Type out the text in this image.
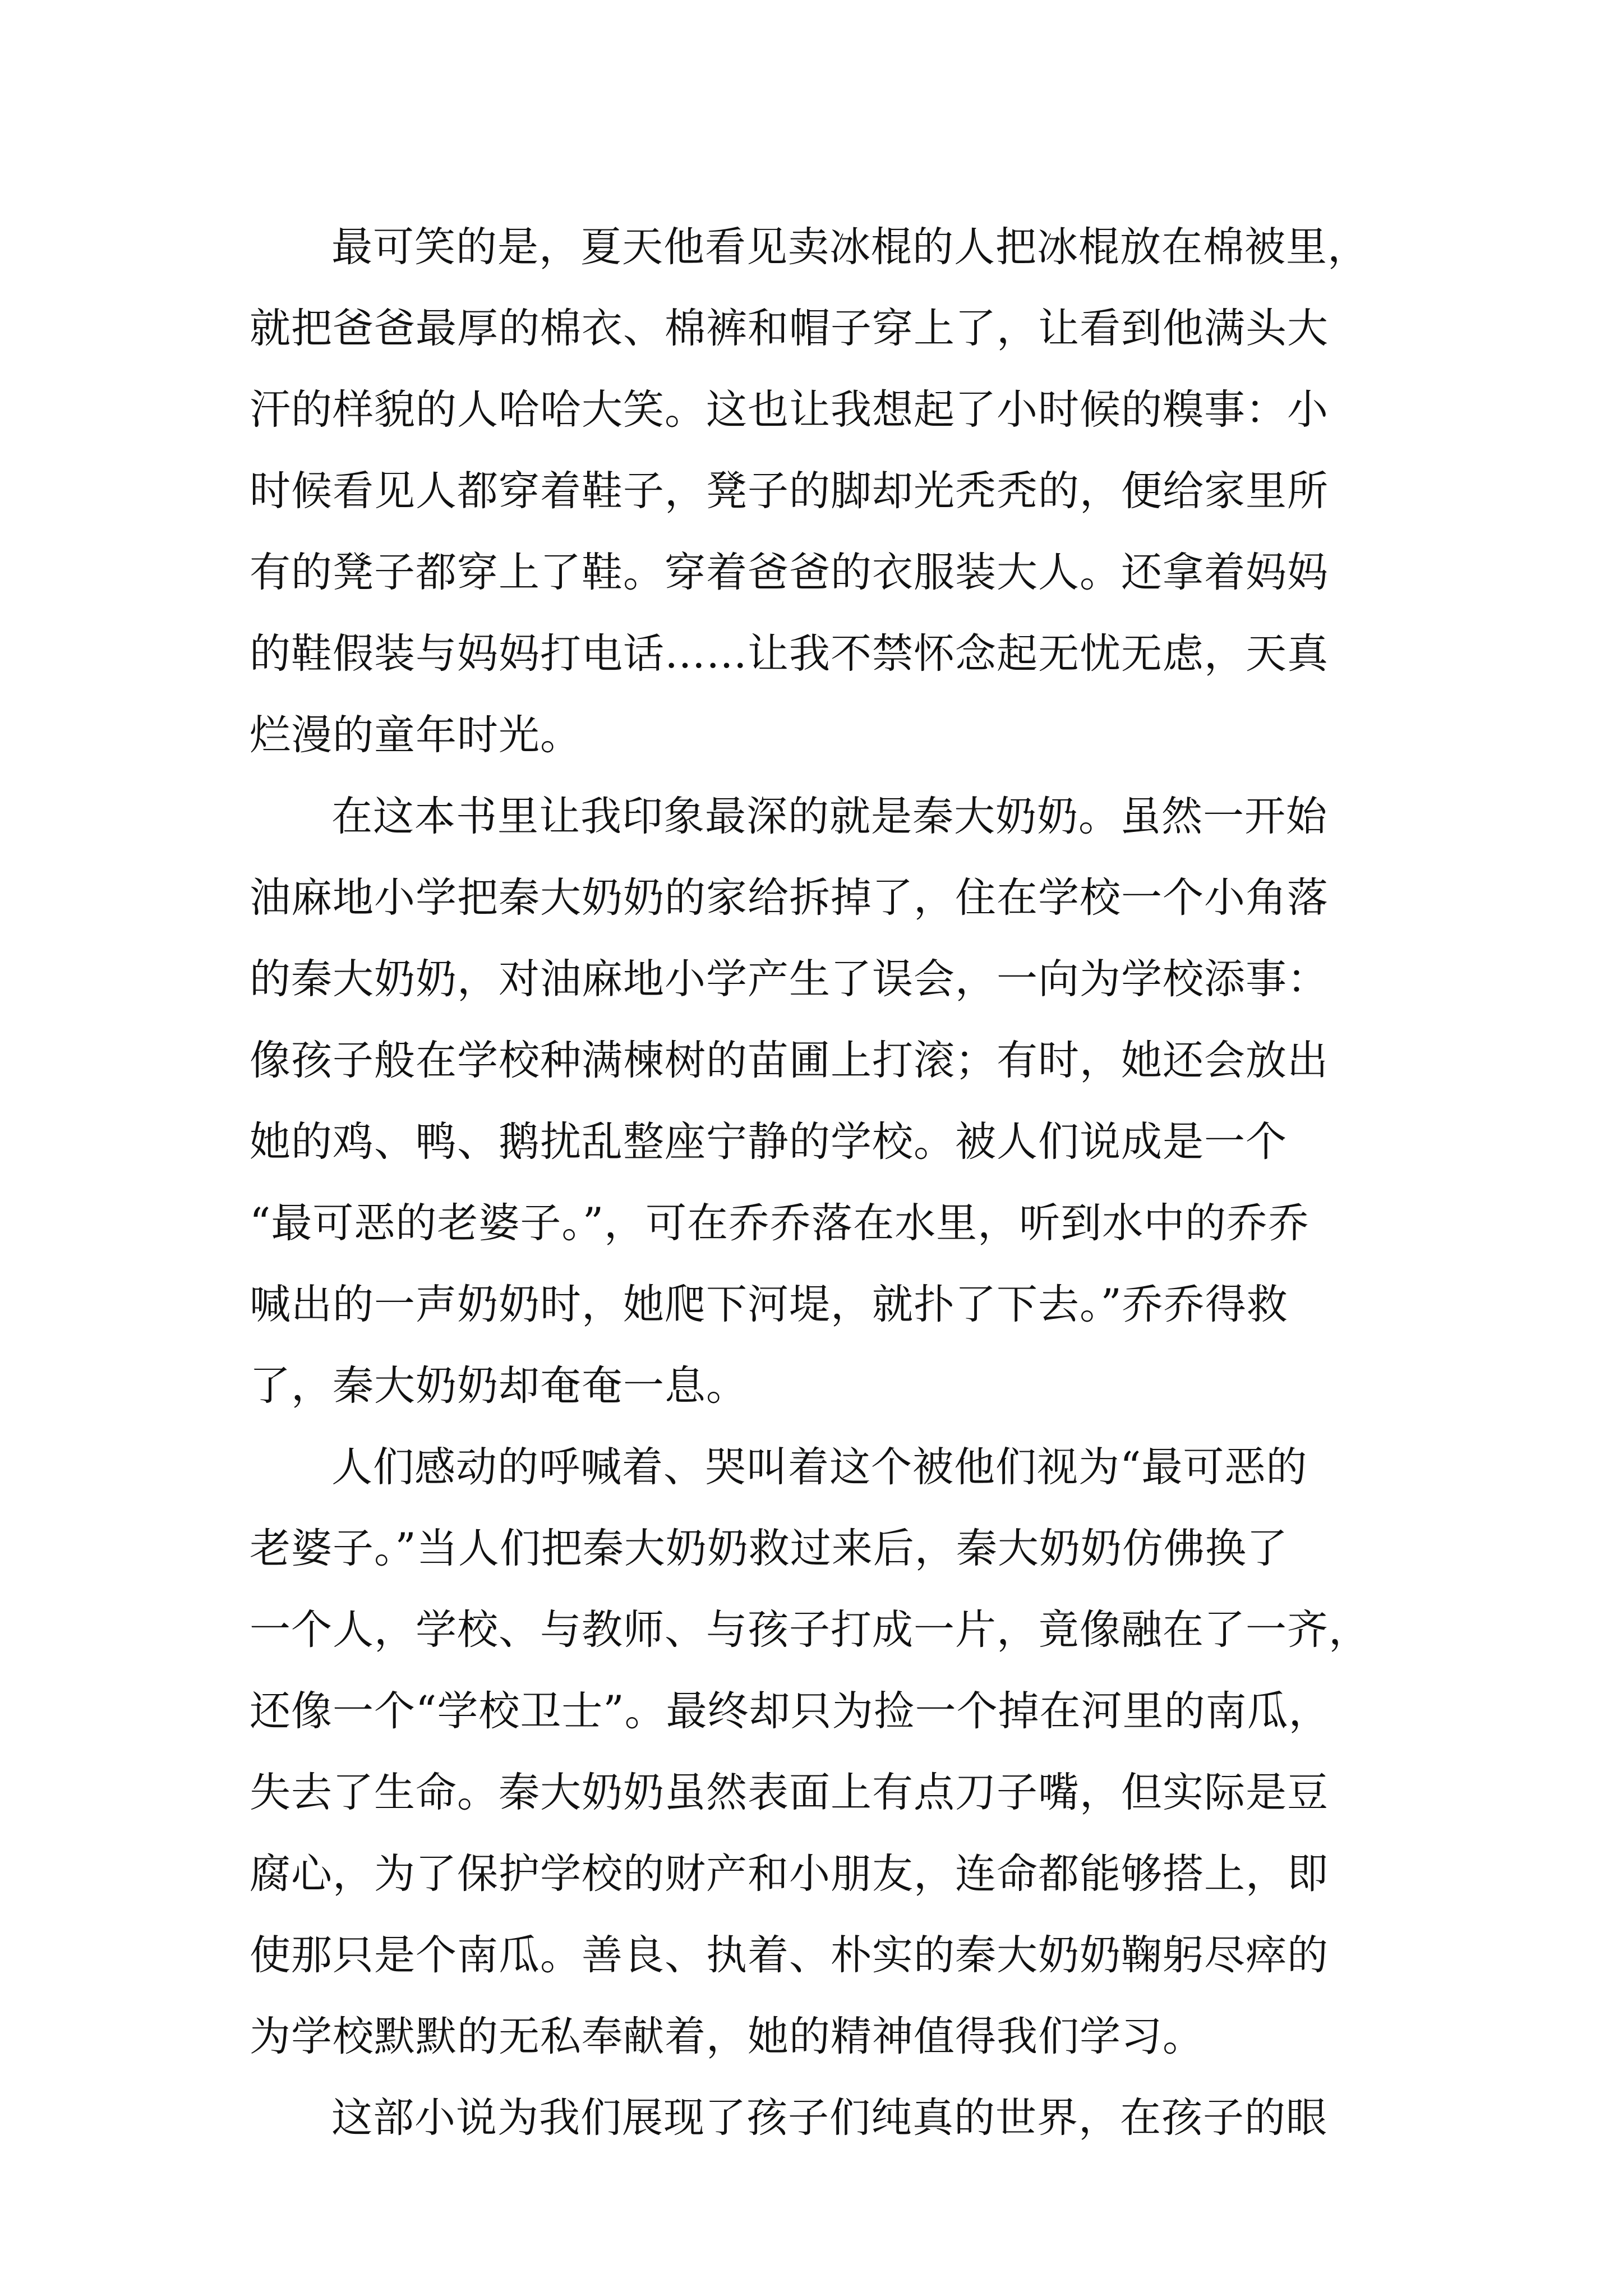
最可笑的是，夏天他看见卖冰棍的人把冰棍放在棉被里，
就把爸爸最厚的棉衣、棉裤和帽子穿上了，让看到他满头大
汗的样貌的人哈哈大笑。这也让我想起了小时候的糗事：小
时候看见人都穿着鞋子，凳子的脚却光秃秃的，便给家里所
有的凳子都穿上了鞋。穿着爸爸的衣服装大人。还拿着妈妈
的鞋假装与妈妈打电话……让我不禁怀念起无忧无虑，天真
烂漫的童年时光。
在这本书里让我印象最深的就是秦大奶奶。虽然一开始
油麻地小学把秦大奶奶的家给拆掉了，住在学校一个小角落
的秦大奶奶，对油麻地小学产生了误会，一向为学校添事：
像孩子般在学校种满楝树的苗圃上打滚；有时，她还会放出
她的鸡、鸭、鹅扰乱整座宁静的学校。被人们说成是一个
“最可恶的老婆子。”，可在乔乔落在水里，听到水中的乔乔
喊出的一声奶奶时，她爬下河堤，就扑了下去。”乔乔得救
了，秦大奶奶却奄奄一息。
人们感动的呼喊着、哭叫着这个被他们视为“最可恶的
老婆子。”当人们把秦大奶奶救过来后，秦大奶奶仿佛换了
一个人，学校、与教师、与孩子打成一片，竟像融在了一齐，
还像一个“学校卫士”。最终却只为捡一个掉在河里的南瓜，
失去了生命。秦大奶奶虽然表面上有点刀子嘴，但实际是豆
腐心，为了保护学校的财产和小朋友，连命都能够搭上，即
使那只是个南瓜。善良、执着、朴实的秦大奶奶鞠躬尽瘁的
为学校默默的无私奉献着，她的精神值得我们学习。
这部小说为我们展现了孩子们纯真的世界，在孩子的眼
